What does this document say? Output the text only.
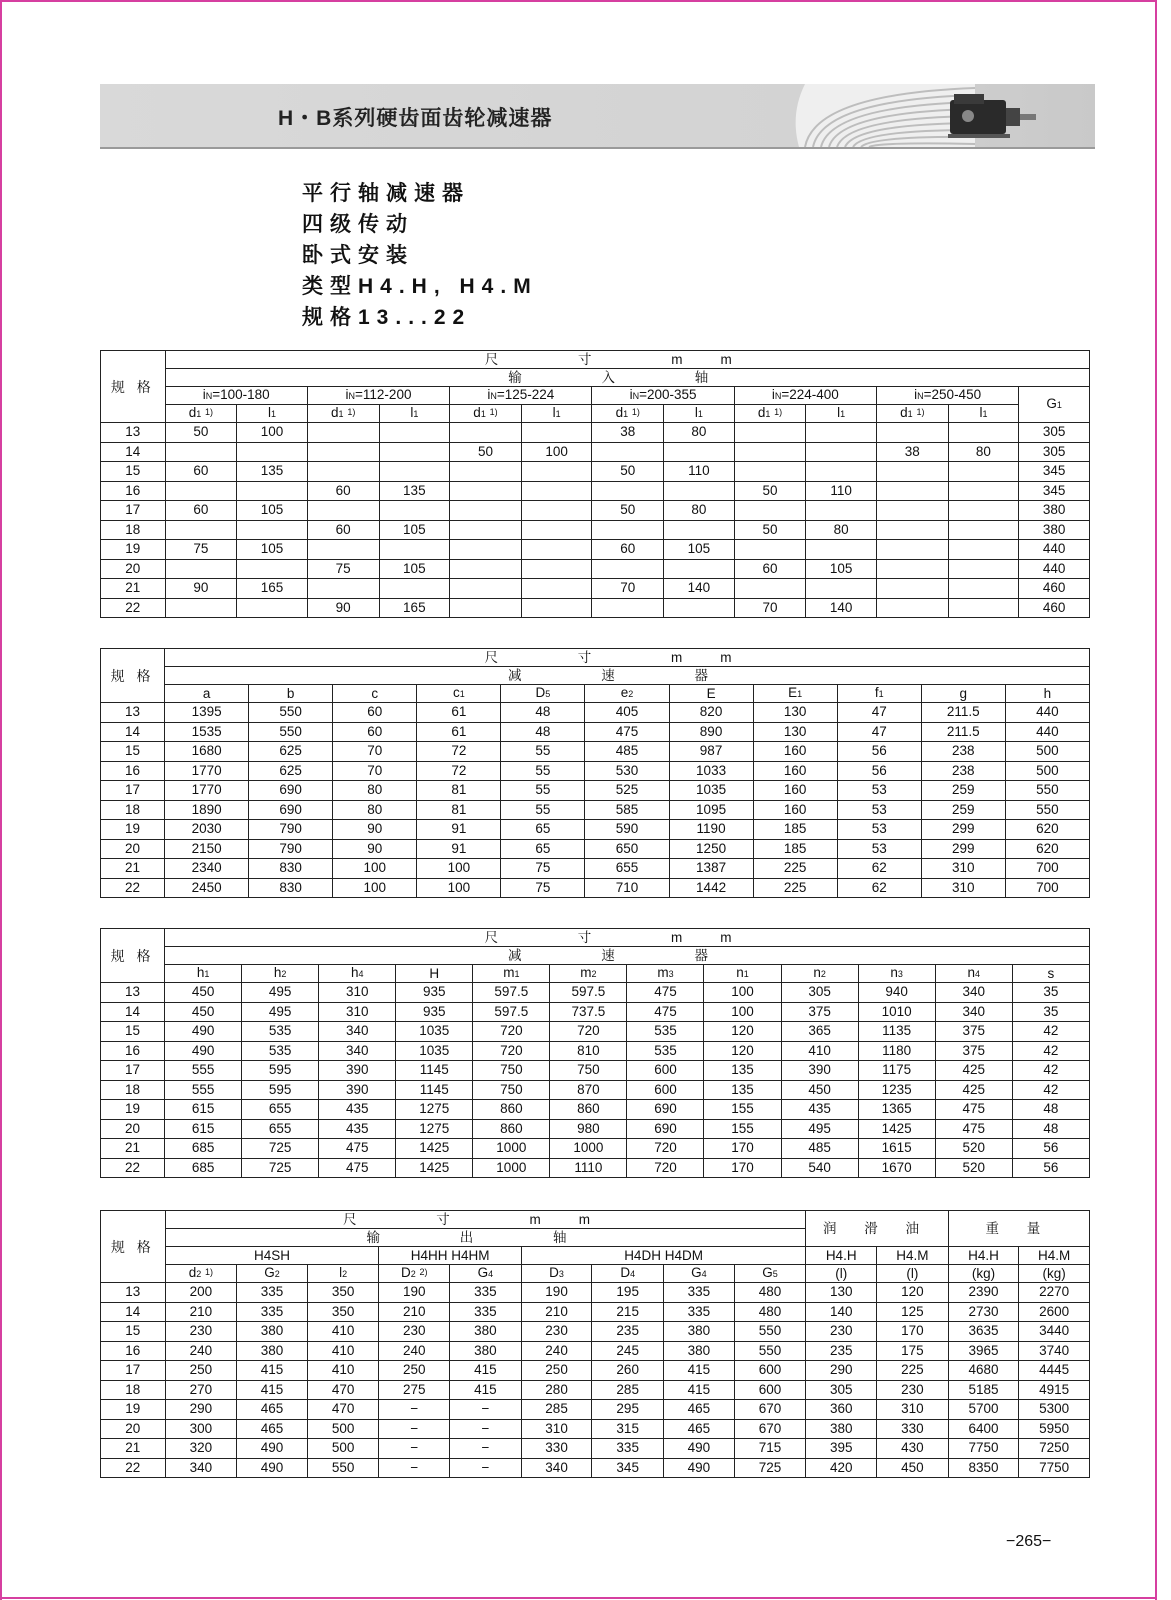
H・B系列硬齿面齿轮减速器
平行轴减速器
四级传动
卧式安装
类型H4.H, H4.M
规格13...22
规 格	尺 寸 mm												
	输 入 轴												
	iN=100-180		iN=112-200		iN=125-224		iN=200-355		iN=224-400		iN=250-450		G1
	d1 $^{1)}$	l1	d1 $^{1)}$	l1	d1 $^{1)}$	l1	d1 $^{1)}$	l1	d1 $^{1)}$	l1	d1 $^{1)}$	l1	
13	50	100					38	80					305
14					50	100					38	80	305
15	60	135					50	110					345
16			60	135					50	110			345
17	60	105					50	80					380
18			60	105					50	80			380
19	75	105					60	105					440
20			75	105					60	105			440
21	90	165					70	140					460
22			90	165					70	140			460
规 格	尺 寸 mm										
	减 速 器										
	a	b	c	c1	D5	e2	E	E1	f1	g	h
13	1395	550	60	61	48	405	820	130	47	211.5	440
14	1535	550	60	61	48	475	890	130	47	211.5	440
15	1680	625	70	72	55	485	987	160	56	238	500
16	1770	625	70	72	55	530	1033	160	56	238	500
17	1770	690	80	81	55	525	1035	160	53	259	550
18	1890	690	80	81	55	585	1095	160	53	259	550
19	2030	790	90	91	65	590	1190	185	53	299	620
20	2150	790	90	91	65	650	1250	185	53	299	620
21	2340	830	100	100	75	655	1387	225	62	310	700
22	2450	830	100	100	75	710	1442	225	62	310	700
规 格	尺 寸 mm											
	减 速 器											
	h1	h2	h4	H	m1	m2	m3	n1	n2	n3	n4	s
13	450	495	310	935	597.5	597.5	475	100	305	940	340	35
14	450	495	310	935	597.5	737.5	475	100	375	1010	340	35
15	490	535	340	1035	720	720	535	120	365	1135	375	42
16	490	535	340	1035	720	810	535	120	410	1180	375	42
17	555	595	390	1145	750	750	600	135	390	1175	425	42
18	555	595	390	1145	750	870	600	135	450	1235	425	42
19	615	655	435	1275	860	860	690	155	435	1365	475	48
20	615	655	435	1275	860	980	690	155	495	1425	475	48
21	685	725	475	1425	1000	1000	720	170	485	1615	520	56
22	685	725	475	1425	1000	1110	720	170	540	1670	520	56
规 格	尺 寸 mm									润 滑 油		重 量	
	输 出 轴												
	H4SH			H4HH H4HM		H4DH H4DM				H4.H	H4.M	H4.H	H4.M
	d2 $^{1)}$	G2	l2	D2 $^{2)}$	G4	D3	D4	G4	G5	(l)	(l)	(kg)	(kg)
13	200	335	350	190	335	190	195	335	480	130	120	2390	2270
14	210	335	350	210	335	210	215	335	480	140	125	2730	2600
15	230	380	410	230	380	230	235	380	550	230	170	3635	3440
16	240	380	410	240	380	240	245	380	550	235	175	3965	3740
17	250	415	410	250	415	250	260	415	600	290	225	4680	4445
18	270	415	470	275	415	280	285	415	600	305	230	5185	4915
19	290	465	470	−	−	285	295	465	670	360	310	5700	5300
20	300	465	500	−	−	310	315	465	670	380	330	6400	5950
21	320	490	500	−	−	330	335	490	715	395	430	7750	7250
22	340	490	550	−	−	340	345	490	725	420	450	8350	7750
−265−
